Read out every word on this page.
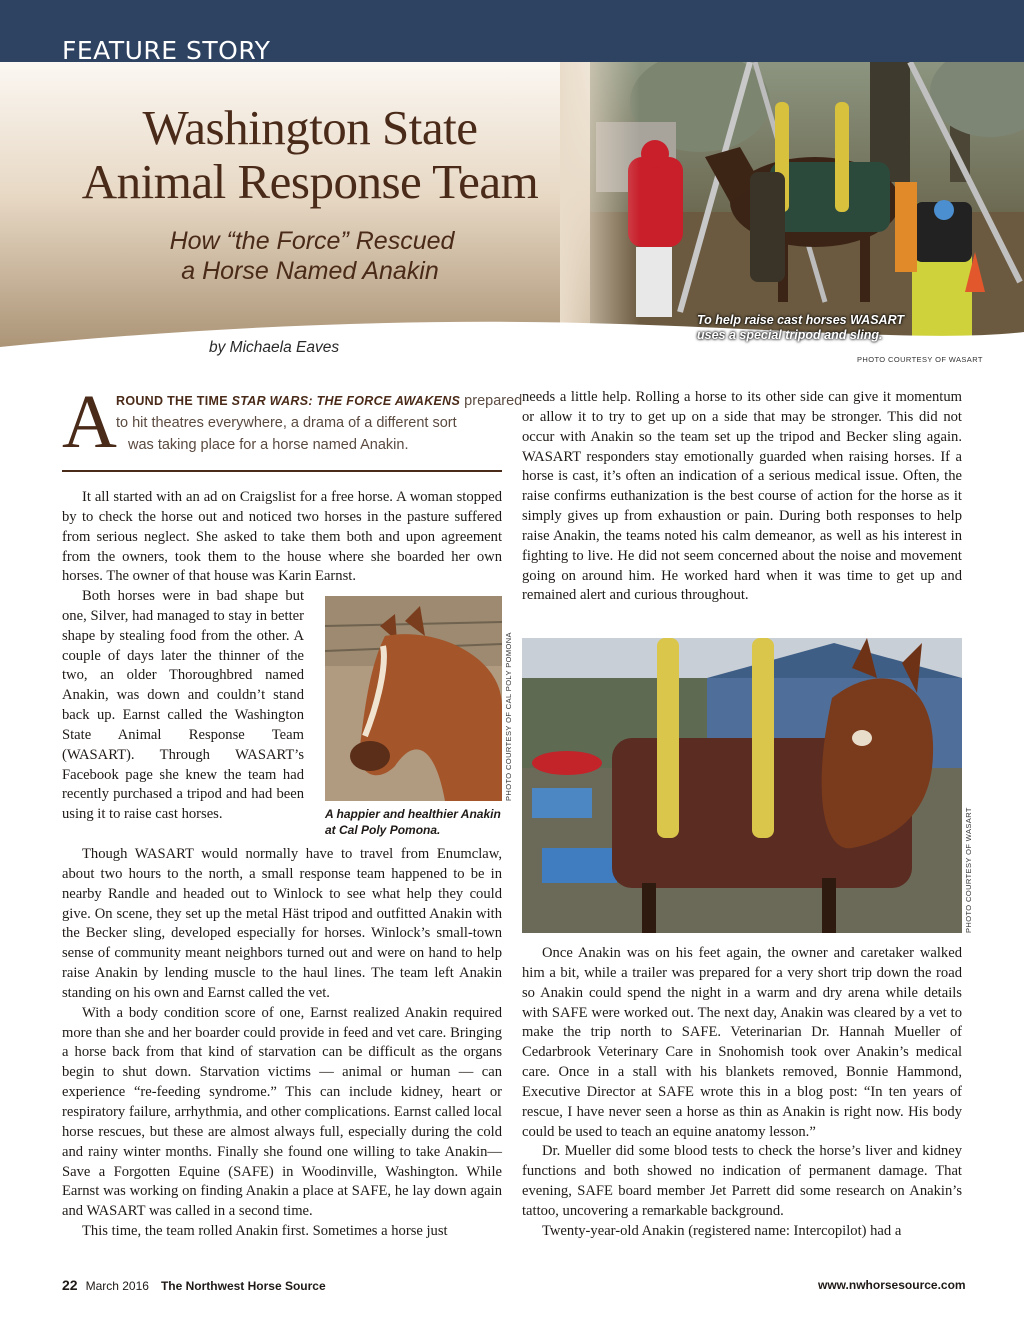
FEATURE STORY
Washington State
Animal Response Team
How “the Force” Rescued
a Horse Named Anakin
To help raise cast horses WASART
uses a special tripod and sling.
by Michaela Eaves
PHOTO COURTESY OF WASART
A ROUND THE TIME STAR WARS: THE FORCE AWAKENS prepared
to hit theatres everywhere, a drama of a different sort
was taking place for a horse named Anakin.

It all started with an ad on Craigslist for a free horse. A woman stopped by to check the horse out and noticed two horses in the pasture suffered from serious neglect. She asked to take them both and upon agreement from the owners, took them to the house where she boarded her own horses. The owner of that house was Karin Earnst.

Both horses were in bad shape but one, Silver, had managed to stay in better shape by stealing food from the other. A couple of days later the thinner of the two, an older Thoroughbred named Anakin, was down and couldn’t stand back up. Earnst called the Washington State Animal Response Team (WASART). Through WASART’s Facebook page she knew the team had recently purchased a tripod and had been using it to raise cast horses.

PHOTO COURTESY OF CAL POLY POMONA
A happier and healthier Anakin
at Cal Poly Pomona.

Though WASART would normally have to travel from Enumclaw, about two hours to the north, a small response team happened to be in nearby Randle and headed out to Winlock to see what help they could give. On scene, they set up the metal Häst tripod and outfitted Anakin with the Becker sling, developed especially for horses. Winlock’s small-town sense of community meant neighbors turned out and were on hand to help raise Anakin by lending muscle to the haul lines. The team left Anakin standing on his own and Earnst called the vet.

With a body condition score of one, Earnst realized Anakin required more than she and her boarder could provide in feed and vet care. Bringing a horse back from that kind of starvation can be difficult as the organs begin to shut down. Starvation victims — animal or human — can experience “re-feeding syndrome.” This can include kidney, heart or respiratory failure, arrhythmia, and other complications. Earnst called local horse rescues, but these are almost always full, especially during the cold and rainy winter months. Finally she found one willing to take Anakin—Save a Forgotten Equine (SAFE) in Woodinville, Washington. While Earnst was working on finding Anakin a place at SAFE, he lay down again and WASART was called in a second time.

This time, the team rolled Anakin first. Sometimes a horse just

needs a little help. Rolling a horse to its other side can give it momentum or allow it to try to get up on a side that may be stronger. This did not occur with Anakin so the team set up the tripod and Becker sling again. WASART responders stay emotionally guarded when raising horses. If a horse is cast, it’s often an indication of a serious medical issue. Often, the raise confirms euthanization is the best course of action for the horse as it simply gives up from exhaustion or pain. During both responses to help raise Anakin, the teams noted his calm demeanor, as well as his interest in fighting to live. He did not seem concerned about the noise and movement going on around him. He worked hard when it was time to get up and remained alert and curious throughout.

PHOTO COURTESY OF WASART

Once Anakin was on his feet again, the owner and caretaker walked him a bit, while a trailer was prepared for a very short trip down the road so Anakin could spend the night in a warm and dry arena while details with SAFE were worked out. The next day, Anakin was cleared by a vet to make the trip north to SAFE. Veterinarian Dr. Hannah Mueller of Cedarbrook Veterinary Care in Snohomish took over Anakin’s medical care. Once in a stall with his blankets removed, Bonnie Hammond, Executive Director at SAFE wrote this in a blog post: “In ten years of rescue, I have never seen a horse as thin as Anakin is right now. His body could be used to teach an equine anatomy lesson.”

Dr. Mueller did some blood tests to check the horse’s liver and kidney functions and both showed no indication of permanent damage. That evening, SAFE board member Jet Parrett did some research on Anakin’s tattoo, uncovering a remarkable background.

Twenty-year-old Anakin (registered name: Intercopilot) had a

22 March 2016 The Northwest Horse Source	www.nwhorsesource.com
